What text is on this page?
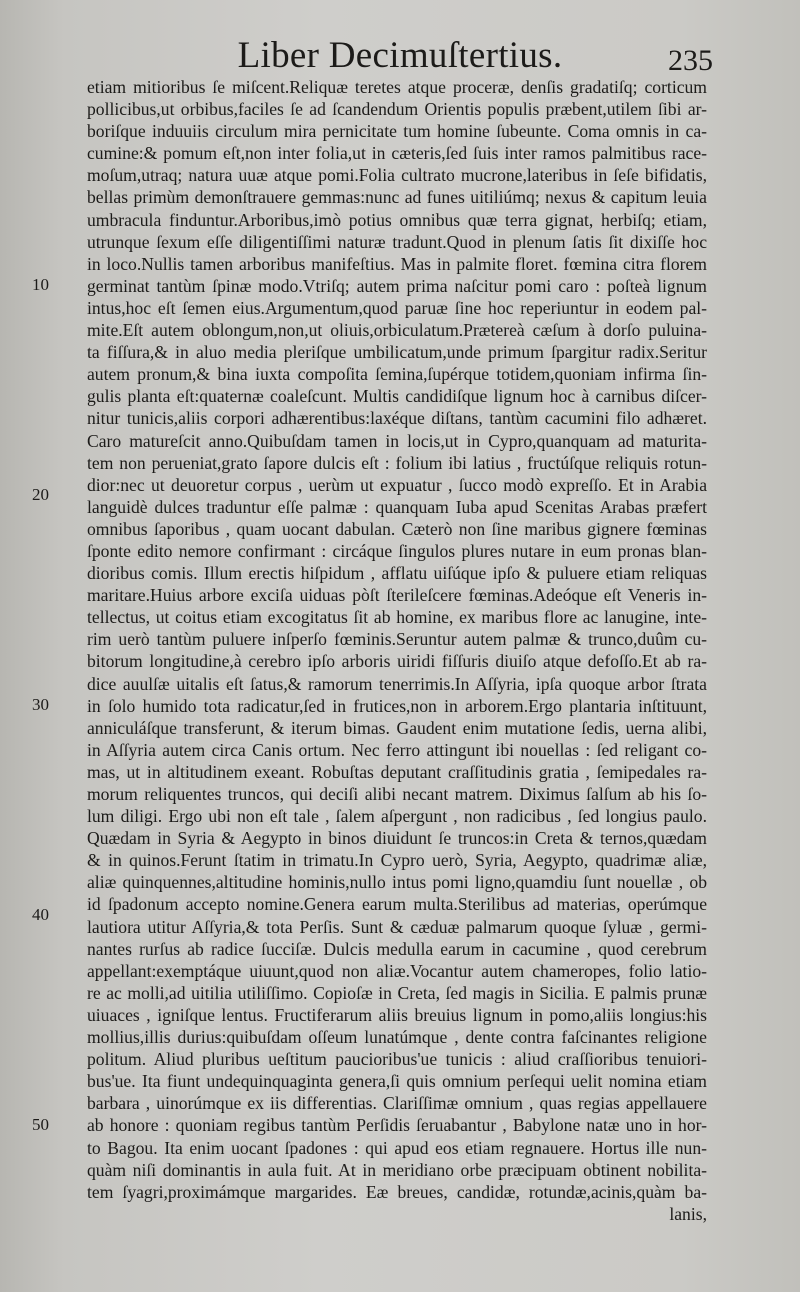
Liber Decimuſtertius.	235
10
20
30
40
50
etiam mitioribus ſe miſcent.Reliquæ teretes atque proceræ, denſis gradatiſq; corticum
pollicibus,ut orbibus,faciles ſe ad ſcandendum Orientis populis præbent,utilem ſibi ar-
boriſque induuiis circulum mira pernicitate tum homine ſubeunte. Coma omnis in ca-
cumine:& pomum eſt,non inter folia,ut in cæteris,ſed ſuis inter ramos palmitibus race-
moſum,utraq; natura uuæ atque pomi.Folia cultrato mucrone,lateribus in ſeſe bifidatis,
bellas primùm demonſtrauere gemmas:nunc ad funes uitiliúmq; nexus & capitum leuia
umbracula finduntur.Arboribus,imò potius omnibus quæ terra gignat, herbiſq; etiam,
utrunque ſexum eſſe diligentiſſimi naturæ tradunt.Quod in plenum ſatis ſit dixiſſe hoc
in loco.Nullis tamen arboribus manifeſtius. Mas in palmite floret. fœmina citra florem
germinat tantùm ſpinæ modo.Vtriſq; autem prima naſcitur pomi caro : poſteà lignum
intus,hoc eſt ſemen eius.Argumentum,quod paruæ ſine hoc reperiuntur in eodem pal-
mite.Eſt autem oblongum,non,ut oliuis,orbiculatum.Prætereà cæſum à dorſo puluina-
ta fiſſura,& in aluo media pleriſque umbilicatum,unde primum ſpargitur radix.Seritur
autem pronum,& bina iuxta compoſita ſemina,ſupérque totidem,quoniam infirma ſin-
gulis planta eſt:quaternæ coaleſcunt. Multis candidiſque lignum hoc à carnibus diſcer-
nitur tunicis,aliis corpori adhærentibus:laxéque diſtans, tantùm cacumini filo adhæret.
Caro matureſcit anno.Quibuſdam tamen in locis,ut in Cypro,quanquam ad maturita-
tem non perueniat,grato ſapore dulcis eſt : folium ibi latius , fructúſque reliquis rotun-
dior:nec ut deuoretur corpus , uerùm ut expuatur , ſucco modò expreſſo. Et in Arabia
languidè dulces traduntur eſſe palmæ : quanquam Iuba apud Scenitas Arabas præfert
omnibus ſaporibus , quam uocant dabulan. Cæterò non ſine maribus gignere fœminas
ſponte edito nemore confirmant : circáque ſingulos plures nutare in eum pronas blan-
dioribus comis. Illum erectis hiſpidum , afflatu uiſúque ipſo & puluere etiam reliquas
maritare.Huius arbore exciſa uiduas pòſt ſterileſcere fœminas.Adeóque eſt Veneris in-
tellectus, ut coitus etiam excogitatus ſit ab homine, ex maribus flore ac lanugine, inte-
rim uerò tantùm puluere inſperſo fœminis.Seruntur autem palmæ & trunco,duûm cu-
bitorum longitudine,à cerebro ipſo arboris uiridi fiſſuris diuiſo atque defoſſo.Et ab ra-
dice auulſæ uitalis eſt ſatus,& ramorum tenerrimis.In Aſſyria, ipſa quoque arbor ſtrata
in ſolo humido tota radicatur,ſed in frutices,non in arborem.Ergo plantaria inſtituunt,
anniculáſque transferunt, & iterum bimas. Gaudent enim mutatione ſedis, uerna alibi,
in Aſſyria autem circa Canis ortum. Nec ferro attingunt ibi nouellas : ſed religant co-
mas, ut in altitudinem exeant. Robuſtas deputant craſſitudinis gratia , ſemipedales ra-
morum reliquentes truncos, qui deciſi alibi necant matrem. Diximus ſalſum ab his ſo-
lum diligi. Ergo ubi non eſt tale , ſalem aſpergunt , non radicibus , ſed longius paulo.
Quædam in Syria & Aegypto in binos diuidunt ſe truncos:in Creta & ternos,quædam
& in quinos.Ferunt ſtatim in trimatu.In Cypro uerò, Syria, Aegypto, quadrimæ aliæ,
aliæ quinquennes,altitudine hominis,nullo intus pomi ligno,quamdiu ſunt nouellæ , ob
id ſpadonum accepto nomine.Genera earum multa.Sterilibus ad materias, operúmque
lautiora utitur Aſſyria,& tota Perſis. Sunt & cæduæ palmarum quoque ſyluæ , germi-
nantes rurſus ab radice ſucciſæ. Dulcis medulla earum in cacumine , quod cerebrum
appellant:exemptáque uiuunt,quod non aliæ.Vocantur autem chameropes, folio latio-
re ac molli,ad uitilia utiliſſimo. Copioſæ in Creta, ſed magis in Sicilia. E palmis prunæ
uiuaces , igniſque lentus. Fructiferarum aliis breuius lignum in pomo,aliis longius:his
mollius,illis durius:quibuſdam oſſeum lunatúmque , dente contra faſcinantes religione
politum. Aliud pluribus ueſtitum paucioribus'ue tunicis : aliud craſſioribus tenuiori-
bus'ue. Ita fiunt undequinquaginta genera,ſi quis omnium perſequi uelit nomina etiam
barbara , uinorúmque ex iis differentias. Clariſſimæ omnium , quas regias appellauere
ab honore : quoniam regibus tantùm Perſidis ſeruabantur , Babylone natæ uno in hor-
to Bagou. Ita enim uocant ſpadones : qui apud eos etiam regnauere. Hortus ille nun-
quàm niſi dominantis in aula fuit. At in meridiano orbe præcipuam obtinent nobilita-
tem ſyagri,proximámque margarides. Eæ breues, candidæ, rotundæ,acinis,quàm ba-
lanis,
